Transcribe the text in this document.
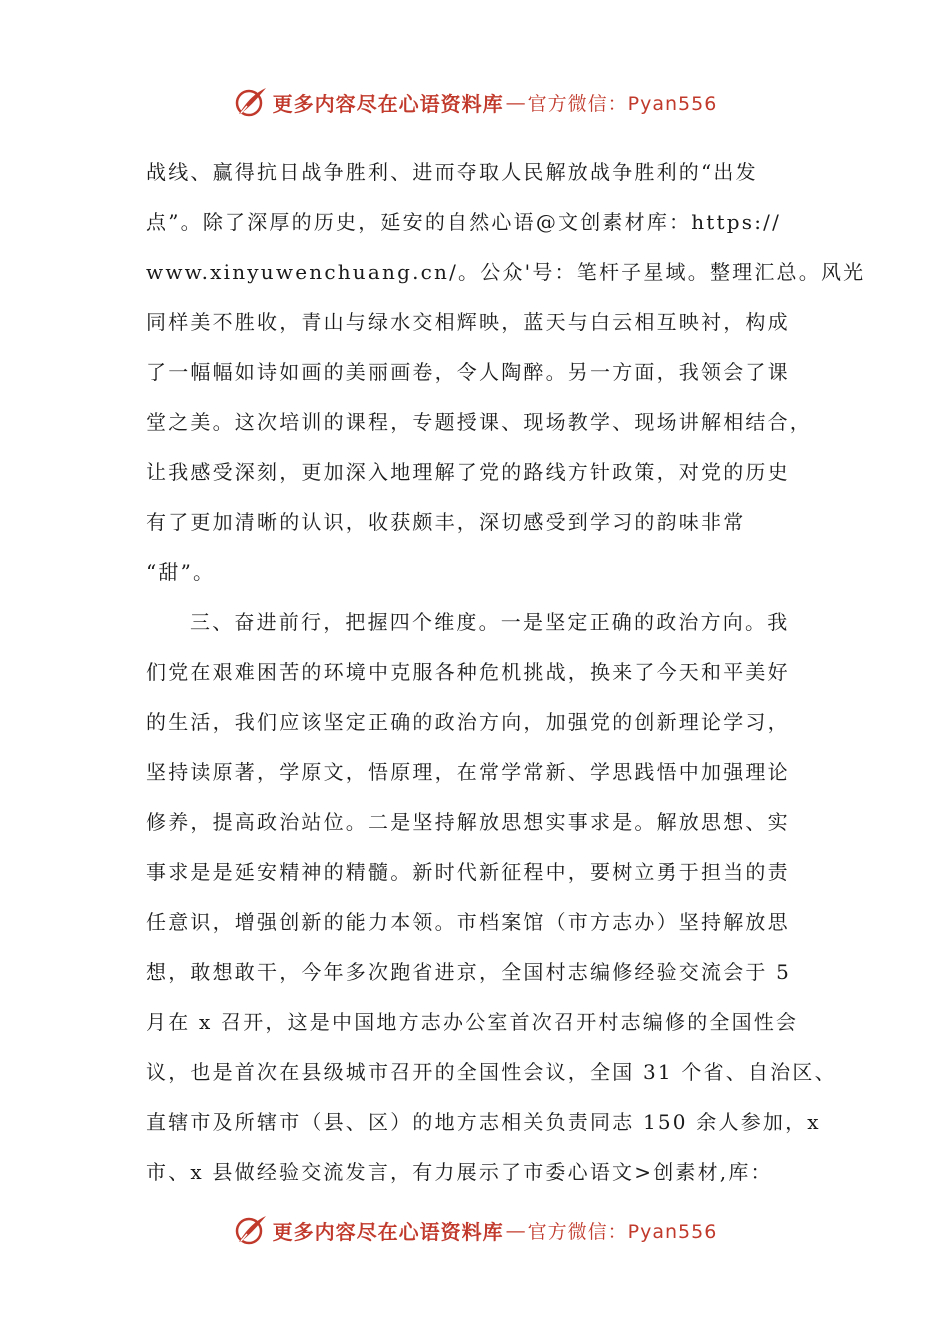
更多内容尽在心语资料库 — 官方微信：Pyan556
战线、赢得抗日战争胜利、进而夺取人民解放战争胜利的“出发
点”。除了深厚的历史，延安的自然心语@文创素材库：https://
www.xinyuwenchuang.cn/。公众'号：笔杆子星域。整理汇总。风光
同样美不胜收，青山与绿水交相辉映，蓝天与白云相互映衬，构成
了一幅幅如诗如画的美丽画卷，令人陶醉。另一方面，我领会了课
堂之美。这次培训的课程，专题授课、现场教学、现场讲解相结合，
让我感受深刻，更加深入地理解了党的路线方针政策，对党的历史
有了更加清晰的认识，收获颇丰，深切感受到学习的韵味非常
“甜”。
三、奋进前行，把握四个维度。一是坚定正确的政治方向。我
们党在艰难困苦的环境中克服各种危机挑战，换来了今天和平美好
的生活，我们应该坚定正确的政治方向，加强党的创新理论学习，
坚持读原著，学原文，悟原理，在常学常新、学思践悟中加强理论
修养，提高政治站位。二是坚持解放思想实事求是。解放思想、实
事求是是延安精神的精髓。新时代新征程中，要树立勇于担当的责
任意识，增强创新的能力本领。市档案馆（市方志办）坚持解放思
想，敢想敢干，今年多次跑省进京，全国村志编修经验交流会于 5
月在 x 召开，这是中国地方志办公室首次召开村志编修的全国性会
议，也是首次在县级城市召开的全国性会议，全国 31 个省、自治区、
直辖市及所辖市（县、区）的地方志相关负责同志 150 余人参加，x
市、x 县做经验交流发言，有力展示了市委心语文>创素材,库：
更多内容尽在心语资料库 — 官方微信：Pyan556
